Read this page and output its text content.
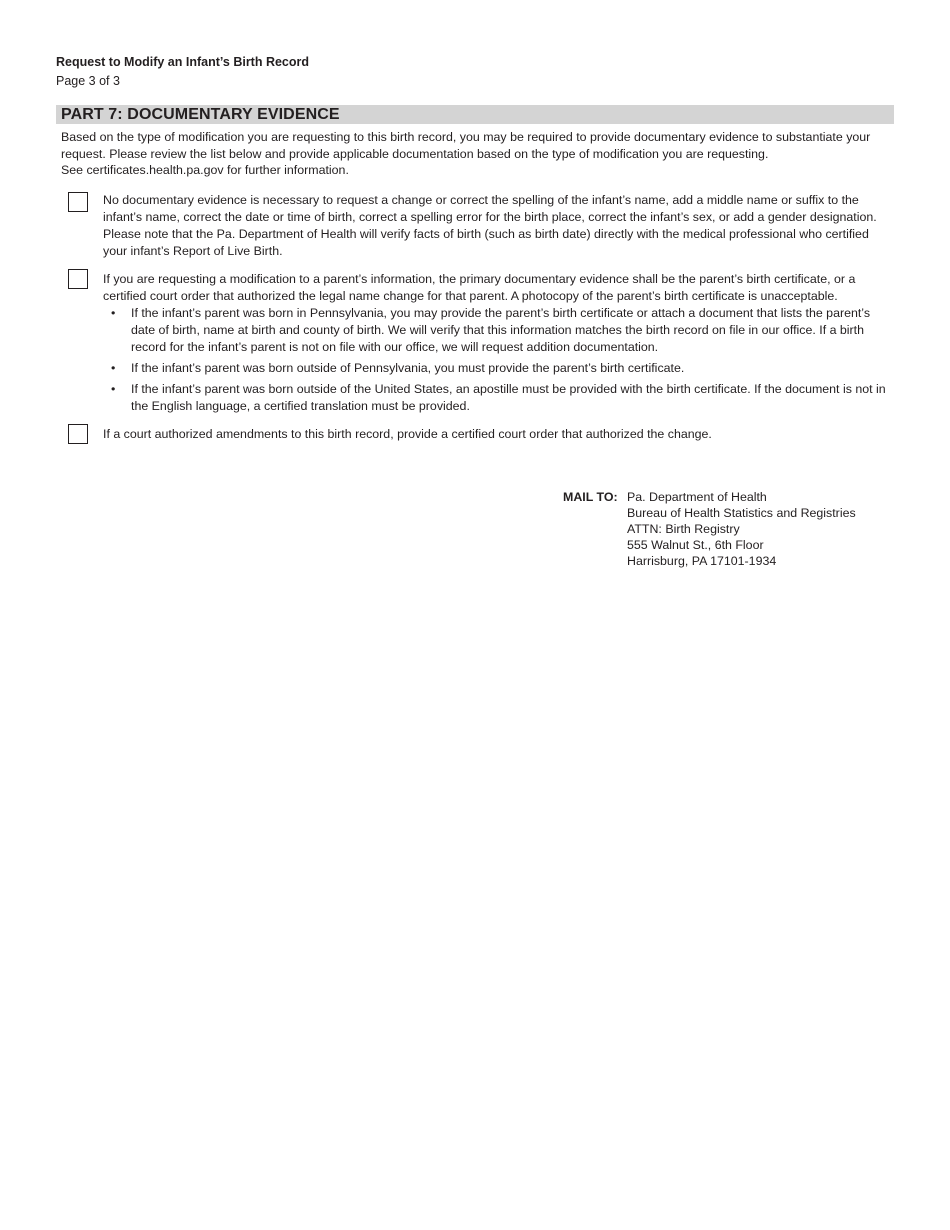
Request to Modify an Infant’s Birth Record
Page 3 of 3
PART 7: DOCUMENTARY EVIDENCE

Based on the type of modification you are requesting to this birth record, you may be required to provide documentary evidence to substantiate your request. Please review the list below and provide applicable documentation based on the type of modification you are requesting.

See certificates.health.pa.gov for further information.

No documentary evidence is necessary to request a change or correct the spelling of the infant’s name, add a middle name or suffix to the infant’s name, correct the date or time of birth, correct a spelling error for the birth place, correct the infant’s sex, or add a gender designation. Please note that the Pa. Department of Health will verify facts of birth (such as birth date) directly with the medical professional who certified your infant’s Report of Live Birth.

If you are requesting a modification to a parent’s information, the primary documentary evidence shall be the parent’s birth certificate, or a certified court order that authorized the legal name change for that parent. A photocopy of the parent’s birth certificate is unacceptable.

• If the infant’s parent was born in Pennsylvania, you may provide the parent’s birth certificate or attach a document that lists the parent’s date of birth, name at birth and county of birth. We will verify that this information matches the birth record on file in our office. If a birth record for the infant’s parent is not on file with our office, we will request addition documentation.
• If the infant’s parent was born outside of Pennsylvania, you must provide the parent’s birth certificate.
• If the infant’s parent was born outside of the United States, an apostille must be provided with the birth certificate. If the document is not in the English language, a certified translation must be provided.

If a court authorized amendments to this birth record, provide a certified court order that authorized the change.

MAIL TO: Pa. Department of Health
Bureau of Health Statistics and Registries
ATTN: Birth Registry
555 Walnut St., 6th Floor
Harrisburg, PA 17101-1934
